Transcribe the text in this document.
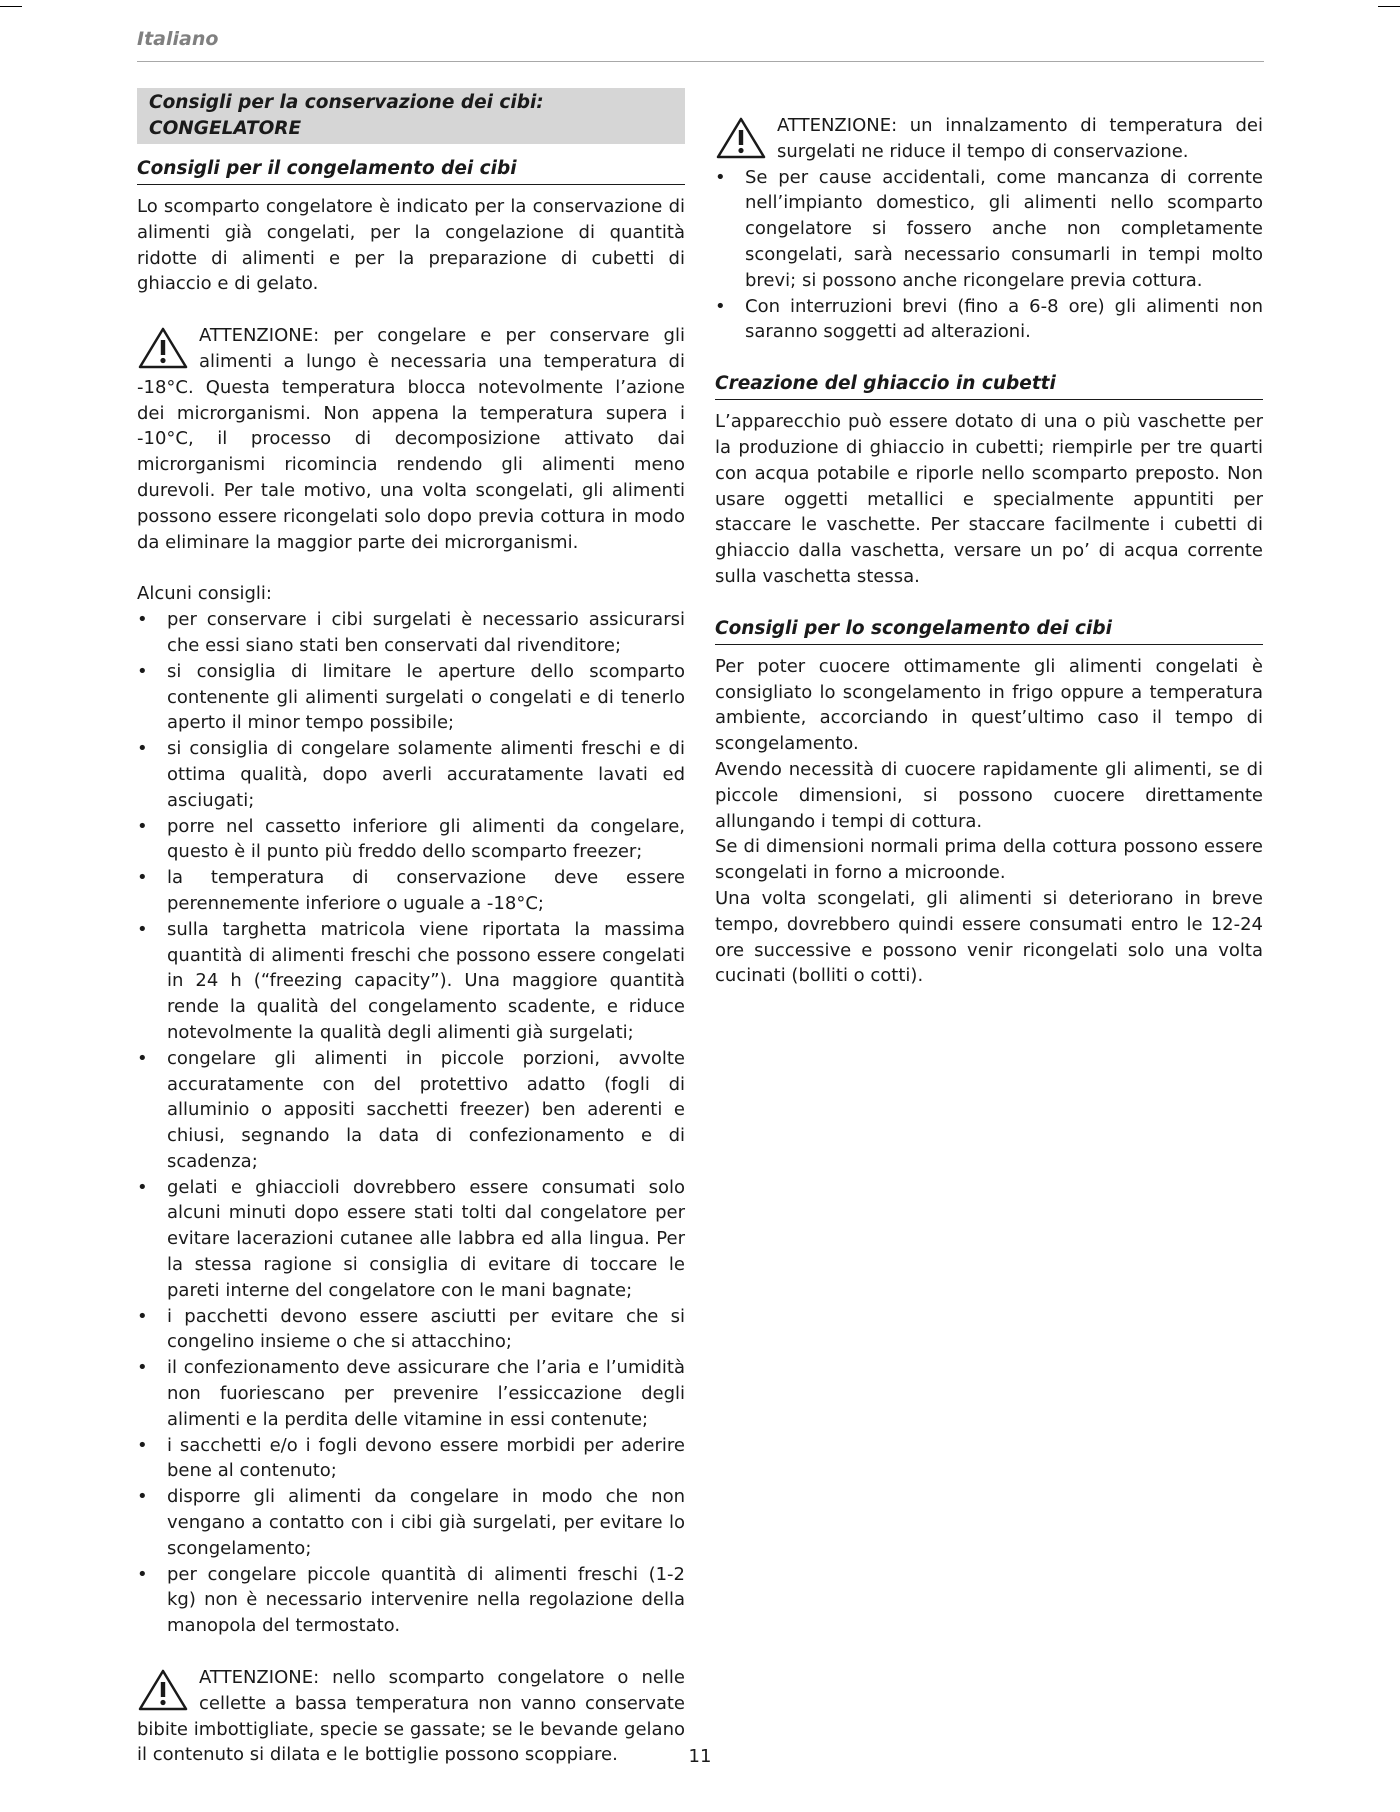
Italiano
Consigli per la conservazione dei cibi: CONGELATORE
Consigli per il congelamento dei cibi

Lo scomparto congelatore è indicato per la conservazione di alimenti già congelati, per la congelazione di quantità ridotte di alimenti e per la preparazione di cubetti di ghiaccio e di gelato.

ATTENZIONE: per congelare e per conservare gli alimenti a lungo è necessaria una temperatura di -18°C. Questa temperatura blocca notevolmente l’azione dei microrganismi. Non appena la temperatura supera i -10°C, il processo di decomposizione attivato dai microrganismi ricomincia rendendo gli alimenti meno durevoli. Per tale motivo, una volta scongelati, gli alimenti possono essere ricongelati solo dopo previa cottura in modo da eliminare la maggior parte dei microrganismi.

Alcuni consigli:

• per conservare i cibi surgelati è necessario assicurarsi che essi siano stati ben conservati dal rivenditore;
• si consiglia di limitare le aperture dello scomparto contenente gli alimenti surgelati o congelati e di tenerlo aperto il minor tempo possibile;
• si consiglia di congelare solamente alimenti freschi e di ottima qualità, dopo averli accuratamente lavati ed asciugati;
• porre nel cassetto inferiore gli alimenti da congelare, questo è il punto più freddo dello scomparto freezer;
• la temperatura di conservazione deve essere perennemente inferiore o uguale a -18°C;
• sulla targhetta matricola viene riportata la massima quantità di alimenti freschi che possono essere congelati in 24 h (“freezing capacity”). Una maggiore quantità rende la qualità del congelamento scadente, e riduce notevolmente la qualità degli alimenti già surgelati;
• congelare gli alimenti in piccole porzioni, avvolte accuratamente con del protettivo adatto (fogli di alluminio o appositi sacchetti freezer) ben aderenti e chiusi, segnando la data di confezionamento e di scadenza;
• gelati e ghiaccioli dovrebbero essere consumati solo alcuni minuti dopo essere stati tolti dal congelatore per evitare lacerazioni cutanee alle labbra ed alla lingua. Per la stessa ragione si consiglia di evitare di toccare le pareti interne del congelatore con le mani bagnate;
• i pacchetti devono essere asciutti per evitare che si congelino insieme o che si attacchino;
• il confezionamento deve assicurare che l’aria e l’umidità non fuoriescano per prevenire l’essiccazione degli alimenti e la perdita delle vitamine in essi contenute;
• i sacchetti e/o i fogli devono essere morbidi per aderire bene al contenuto;
• disporre gli alimenti da congelare in modo che non vengano a contatto con i cibi già surgelati, per evitare lo scongelamento;
• per congelare piccole quantità di alimenti freschi (1-2 kg) non è necessario intervenire nella regolazione della manopola del termostato.
ATTENZIONE: nello scomparto congelatore o nelle cellette a bassa temperatura non vanno conservate bibite imbottigliate, specie se gassate; se le bevande gelano il contenuto si dilata e le bottiglie possono scoppiare.
ATTENZIONE: un innalzamento di temperatura dei surgelati ne riduce il tempo di conservazione.
• Se per cause accidentali, come mancanza di corrente nell’impianto domestico, gli alimenti nello scomparto congelatore si fossero anche non completamente scongelati, sarà necessario consumarli in tempi molto brevi; si possono anche ricongelare previa cottura.
• Con interruzioni brevi (fino a 6-8 ore) gli alimenti non saranno soggetti ad alterazioni.
Creazione del ghiaccio in cubetti

L’apparecchio può essere dotato di una o più vaschette per la produzione di ghiaccio in cubetti; riempirle per tre quarti con acqua potabile e riporle nello scomparto preposto. Non usare oggetti metallici e specialmente appuntiti per staccare le vaschette. Per staccare facilmente i cubetti di ghiaccio dalla vaschetta, versare un po’ di acqua corrente sulla vaschetta stessa.

Consigli per lo scongelamento dei cibi

Per poter cuocere ottimamente gli alimenti congelati è consigliato lo scongelamento in frigo oppure a temperatura ambiente, accorciando in quest’ultimo caso il tempo di scongelamento.

Avendo necessità di cuocere rapidamente gli alimenti, se di piccole dimensioni, si possono cuocere direttamente allungando i tempi di cottura.

Se di dimensioni normali prima della cottura possono essere scongelati in forno a microonde.

Una volta scongelati, gli alimenti si deteriorano in breve tempo, dovrebbero quindi essere consumati entro le 12-24 ore successive e possono venir ricongelati solo una volta cucinati (bolliti o cotti).

11
